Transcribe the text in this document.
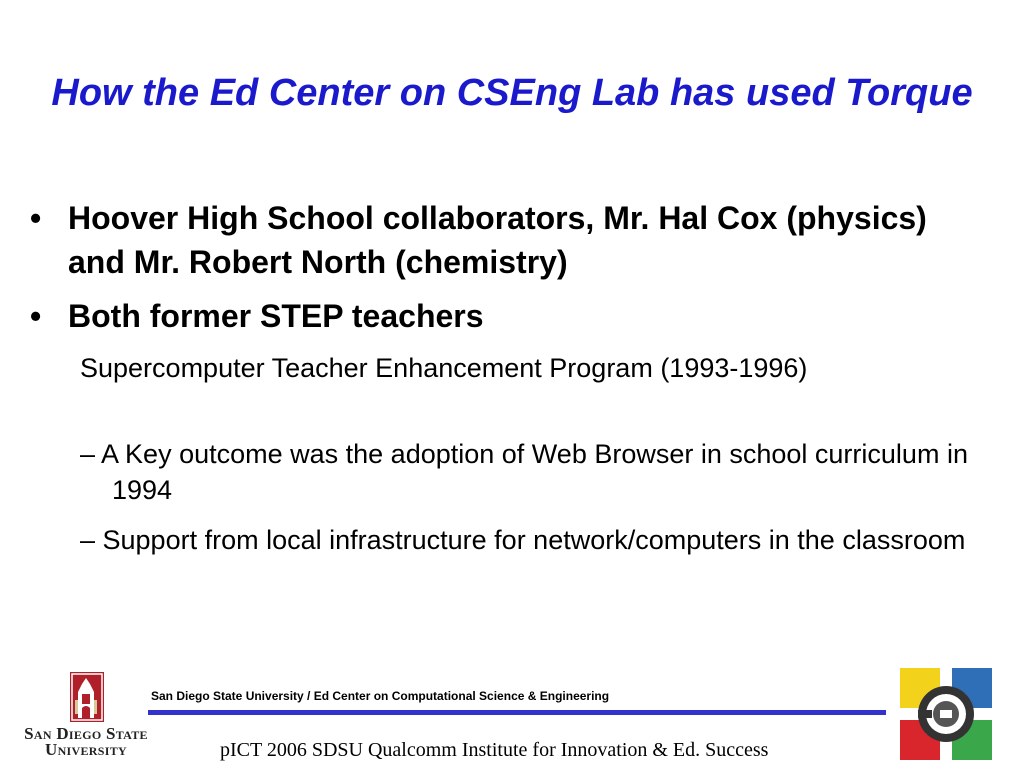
How the Ed Center on CSEng Lab has used Torque
• Hoover High School collaborators, Mr. Hal Cox (physics) and Mr. Robert North (chemistry)
• Both former STEP teachers
Supercomputer Teacher Enhancement Program (1993-1996)
– A Key outcome was the adoption of Web Browser in school curriculum in 1994
– Support from local infrastructure for network/computers in the classroom
San Diego State
University
San Diego State University / Ed Center on Computational Science & Engineering
pICT 2006 SDSU Qualcomm Institute for Innovation & Ed. Success
